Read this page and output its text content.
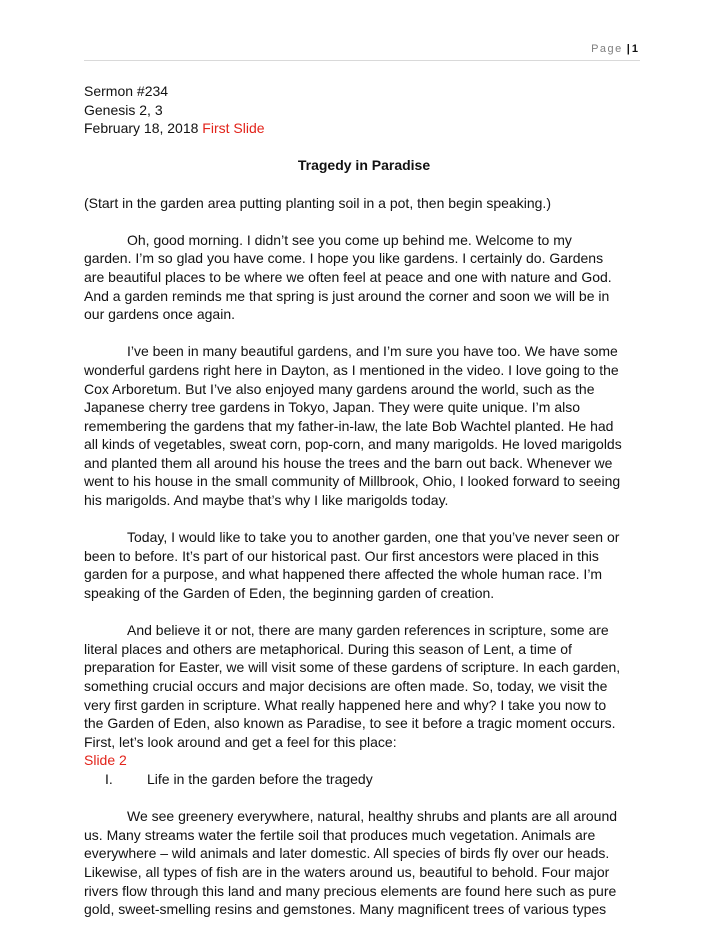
Page | 1
Sermon #234
Genesis 2, 3
February 18, 2018 First Slide
Tragedy in Paradise
(Start in the garden area putting planting soil in a pot, then begin speaking.)
Oh, good morning. I didn’t see you come up behind me. Welcome to my
garden. I’m so glad you have come. I hope you like gardens. I certainly do. Gardens
are beautiful places to be where we often feel at peace and one with nature and God.
And a garden reminds me that spring is just around the corner and soon we will be in
our gardens once again.
I’ve been in many beautiful gardens, and I’m sure you have too. We have some
wonderful gardens right here in Dayton, as I mentioned in the video. I love going to the
Cox Arboretum. But I’ve also enjoyed many gardens around the world, such as the
Japanese cherry tree gardens in Tokyo, Japan. They were quite unique. I’m also
remembering the gardens that my father-in-law, the late Bob Wachtel planted. He had
all kinds of vegetables, sweat corn, pop-corn, and many marigolds. He loved marigolds
and planted them all around his house the trees and the barn out back. Whenever we
went to his house in the small community of Millbrook, Ohio, I looked forward to seeing
his marigolds. And maybe that’s why I like marigolds today.
Today, I would like to take you to another garden, one that you’ve never seen or
been to before. It’s part of our historical past. Our first ancestors were placed in this
garden for a purpose, and what happened there affected the whole human race. I’m
speaking of the Garden of Eden, the beginning garden of creation.
And believe it or not, there are many garden references in scripture, some are
literal places and others are metaphorical. During this season of Lent, a time of
preparation for Easter, we will visit some of these gardens of scripture. In each garden,
something crucial occurs and major decisions are often made. So, today, we visit the
very first garden in scripture. What really happened here and why? I take you now to
the Garden of Eden, also known as Paradise, to see it before a tragic moment occurs.
First, let’s look around and get a feel for this place:
Slide 2
I. Life in the garden before the tragedy
We see greenery everywhere, natural, healthy shrubs and plants are all around
us. Many streams water the fertile soil that produces much vegetation. Animals are
everywhere – wild animals and later domestic. All species of birds fly over our heads.
Likewise, all types of fish are in the waters around us, beautiful to behold. Four major
rivers flow through this land and many precious elements are found here such as pure
gold, sweet-smelling resins and gemstones. Many magnificent trees of various types
